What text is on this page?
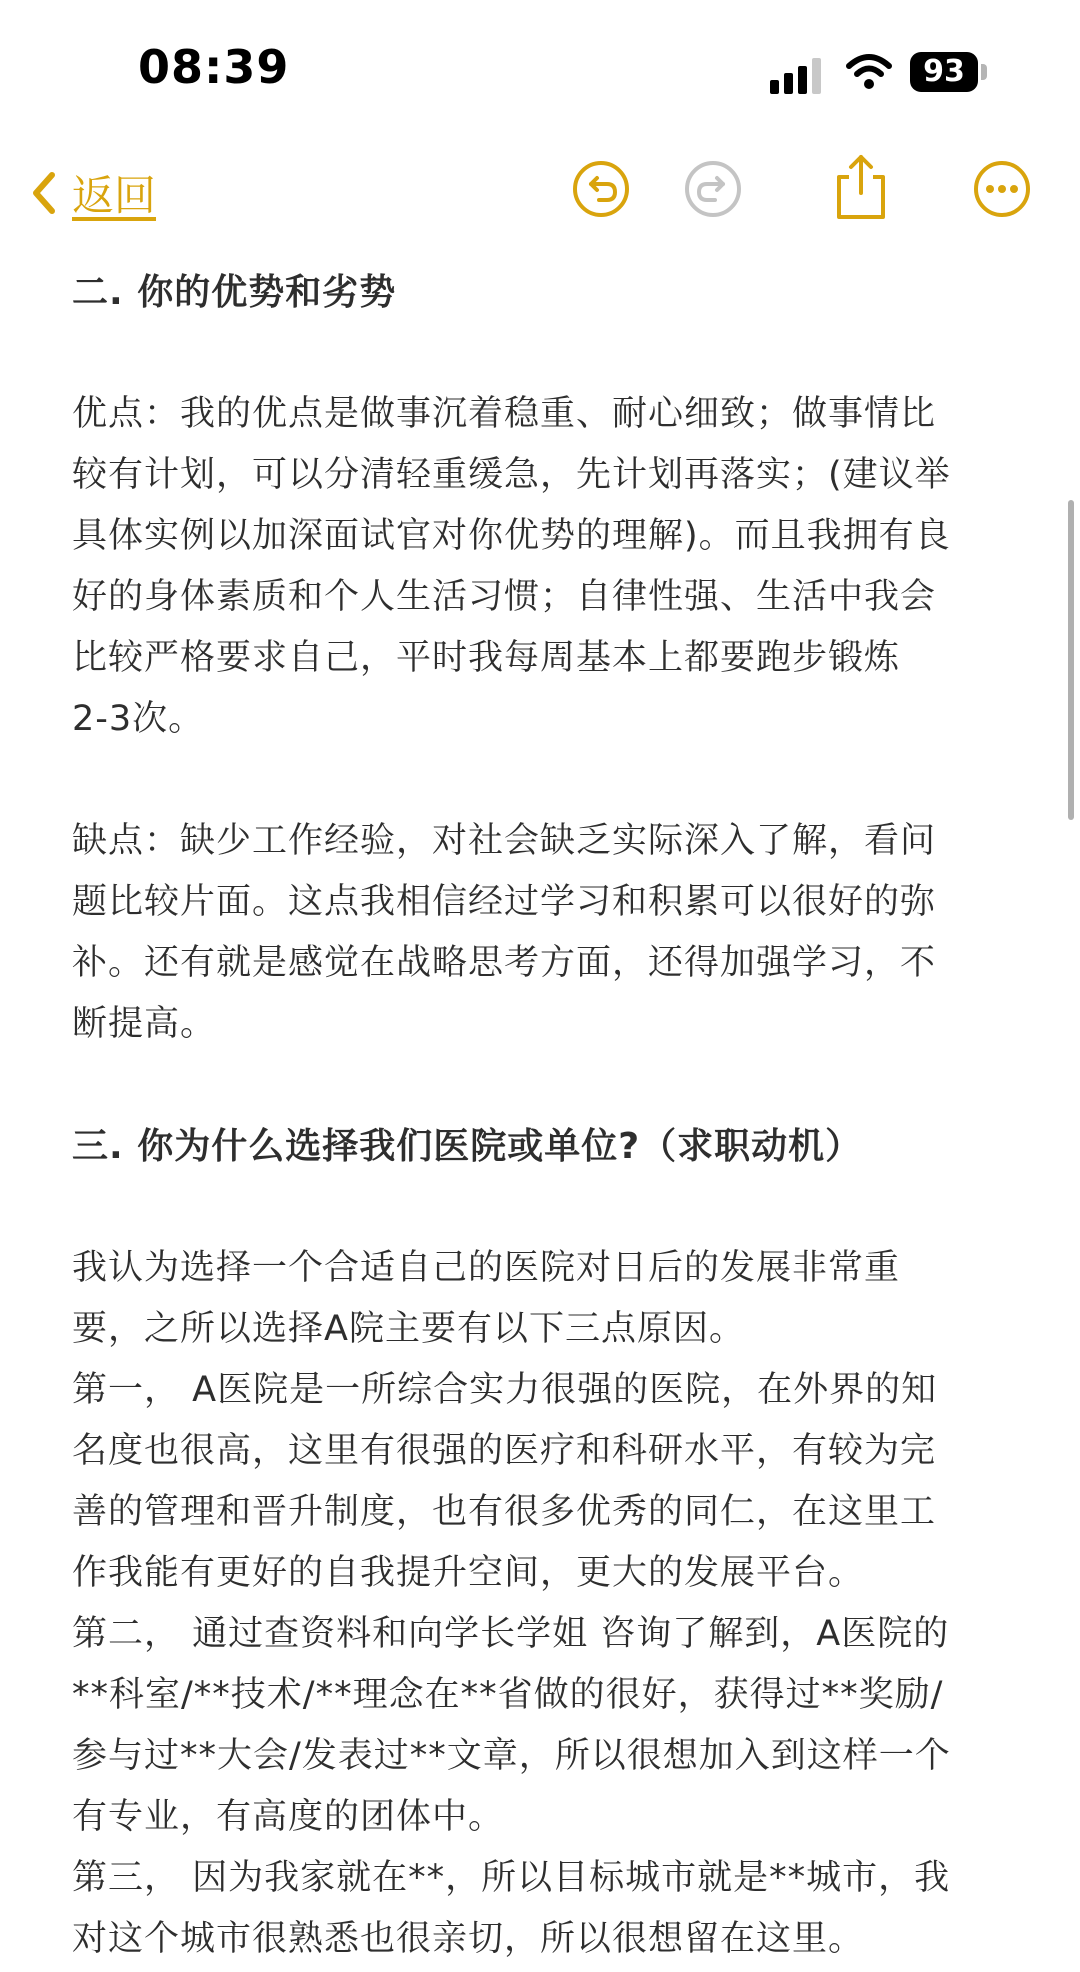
08:39	93
返回
二. 你的优势和劣势

优点：我的优点是做事沉着稳重、耐心细致；做事情比

较有计划，可以分清轻重缓急，先计划再落实；(建议举

具体实例以加深面试官对你优势的理解)。而且我拥有良

好的身体素质和个人生活习惯；自律性强、生活中我会

比较严格要求自己，平时我每周基本上都要跑步锻炼

2-3次。

缺点：缺少工作经验，对社会缺乏实际深入了解，看问

题比较片面。这点我相信经过学习和积累可以很好的弥

补。还有就是感觉在战略思考方面，还得加强学习，不

断提高。

三. 你为什么选择我们医院或单位?（求职动机）

我认为选择一个合适自己的医院对日后的发展非常重

要，之所以选择A院主要有以下三点原因。

第一， A医院是一所综合实力很强的医院，在外界的知

名度也很高，这里有很强的医疗和科研水平，有较为完

善的管理和晋升制度，也有很多优秀的同仁，在这里工

作我能有更好的自我提升空间，更大的发展平台。

第二， 通过查资料和向学长学姐 咨询了解到，A医院的

**科室/**技术/**理念在**省做的很好，获得过**奖励/

参与过**大会/发表过**文章，所以很想加入到这样一个

有专业，有高度的团体中。

第三， 因为我家就在**，所以目标城市就是**城市，我

对这个城市很熟悉也很亲切，所以很想留在这里。
